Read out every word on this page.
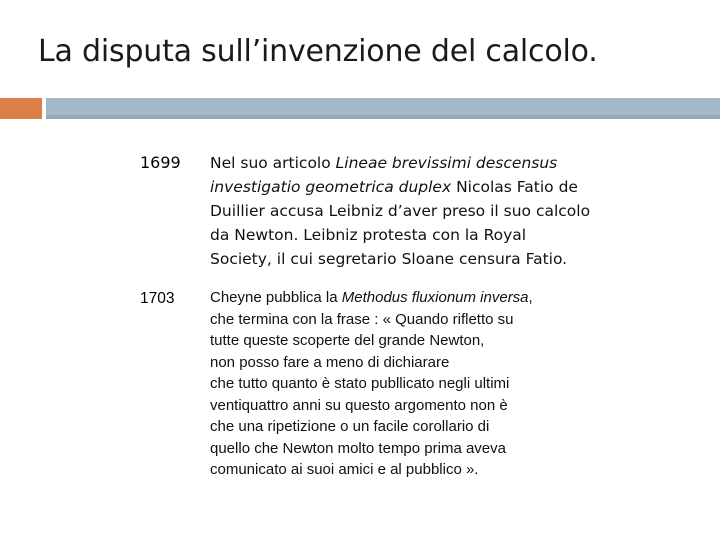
La disputa sull’invenzione del calcolo.
1699	Nel suo articolo Lineae brevissimi descensus
investigatio geometrica duplex Nicolas Fatio de
Duillier accusa Leibniz d’aver preso il suo calcolo
da Newton. Leibniz protesta con la Royal
Society, il cui segretario Sloane censura Fatio.
1703	Cheyne pubblica la Methodus fluxionum inversa,
che termina con la frase : « Quando rifletto su
tutte queste scoperte del grande Newton,
non posso fare a meno di dichiarare
che tutto quanto è stato publlicato negli ultimi
ventiquattro anni su questo argomento non è
che una ripetizione o un facile corollario di
quello che Newton molto tempo prima aveva
comunicato ai suoi amici e al pubblico ».
